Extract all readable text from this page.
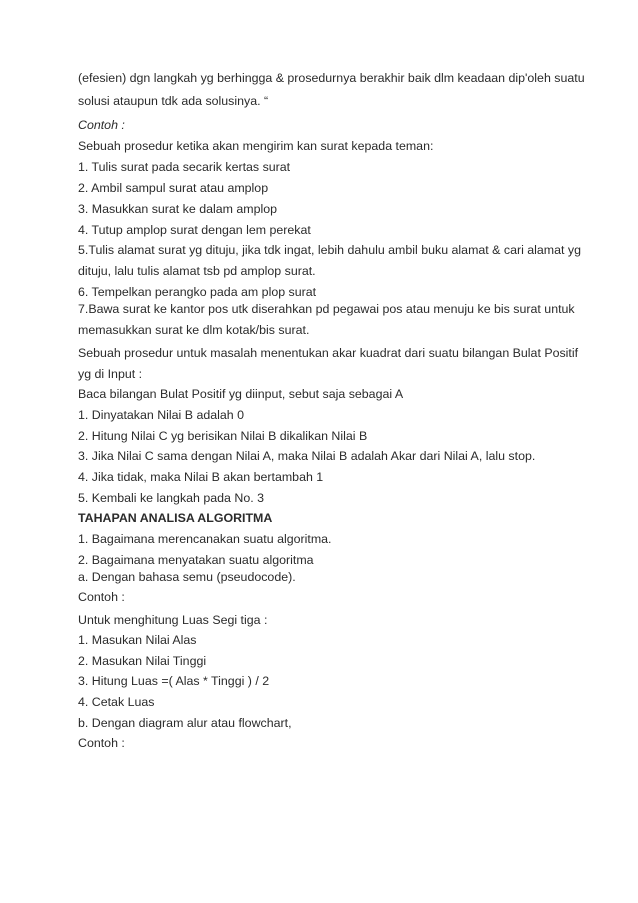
(efesien) dgn langkah yg berhingga & prosedurnya berakhir baik dlm keadaan dip'oleh suatu
solusi ataupun tdk ada solusinya. “
Contoh :
Sebuah prosedur ketika akan mengirim kan surat kepada teman:
1. Tulis surat pada secarik kertas surat
2. Ambil sampul surat atau amplop
3. Masukkan surat ke dalam amplop
4. Tutup amplop surat dengan lem perekat
5.Tulis alamat surat yg dituju, jika tdk ingat, lebih dahulu ambil buku alamat & cari alamat yg
dituju, lalu tulis alamat tsb pd amplop surat.
6. Tempelkan perangko pada am plop surat
7.Bawa surat ke kantor pos utk diserahkan pd pegawai pos atau menuju ke bis surat untuk
memasukkan surat ke dlm kotak/bis surat.
Sebuah prosedur untuk masalah menentukan akar kuadrat dari suatu bilangan Bulat Positif
yg di Input :
Baca bilangan Bulat Positif yg diinput, sebut saja sebagai A
1. Dinyatakan Nilai B adalah 0
2. Hitung Nilai C yg berisikan Nilai B dikalikan Nilai B
3. Jika Nilai C sama dengan Nilai A, maka Nilai B adalah Akar dari Nilai A, lalu stop.
4. Jika tidak, maka Nilai B akan bertambah 1
5. Kembali ke langkah pada No. 3
TAHAPAN ANALISA ALGORITMA
1. Bagaimana merencanakan suatu algoritma.
2. Bagaimana menyatakan suatu algoritma
a. Dengan bahasa semu (pseudocode).
Contoh :
Untuk menghitung Luas Segi tiga :
1. Masukan Nilai Alas
2. Masukan Nilai Tinggi
3. Hitung Luas =( Alas * Tinggi ) / 2
4. Cetak Luas
b. Dengan diagram alur atau flowchart,
Contoh :
